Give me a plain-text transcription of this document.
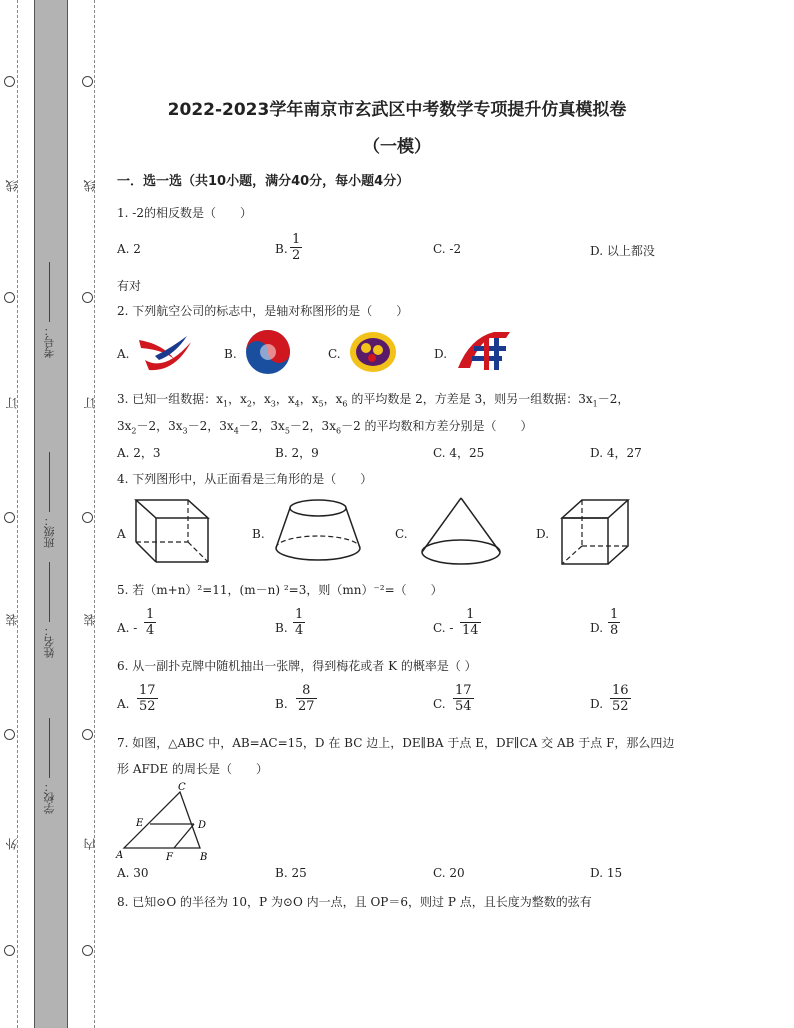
线
订
装
外
线
订
装
内
考号：
班级：
姓名：
学校：
2022-2023学年南京市玄武区中考数学专项提升仿真模拟卷
（一模）
一．选一选（共10小题，满分40分，每小题4分）
1. -2的相反数是（　　）
A. 2	B. $\frac{1}{2}$	C. -2	D. 以上都没
有对
2. 下列航空公司的标志中，是轴对称图形的是（　　）
A.	B.	C.	D.
3. 已知一组数据：$x_1$，$x_2$，$x_3$，$x_4$，$x_5$，$x_6$ 的平均数是 2，方差是 3，则另一组数据：$3x_1-2$，
$3x_2-2$，$3x_3-2$，$3x_4-2$，$3x_5-2$，$3x_6-2$ 的平均数和方差分别是（　　）
A. 2，3	B. 2，9	C. 4，25	D. 4，27
4. 下列图形中，从正面看是三角形的是（　　）
A	B.	C.	D.
5. 若（m+n）²=11，(m－n) ²=3，则（mn）⁻²=（　　）
A. - $\frac{1}{4}$	B. $\frac{1}{4}$	C. - $\frac{1}{14}$	D. $\frac{1}{8}$
6. 从一副扑克牌中随机抽出一张牌，得到梅花或者 K 的概率是（ ）
A. $\frac{17}{52}$	B. $\frac{8}{27}$	C. $\frac{17}{54}$	D. $\frac{16}{52}$
7. 如图，△ABC 中，AB=AC=15，D 在 BC 边上，DE∥BA 于点 E，DF∥CA 交 AB 于点 F，那么四边
形 AFDE 的周长是（　　）
A	B
C
D
E
F
A. 30	B. 25	C. 20	D. 15
8. 已知⊙O 的半径为 10，P 为⊙O 内一点，且 OP＝6，则过 P 点，且长度为整数的弦有
